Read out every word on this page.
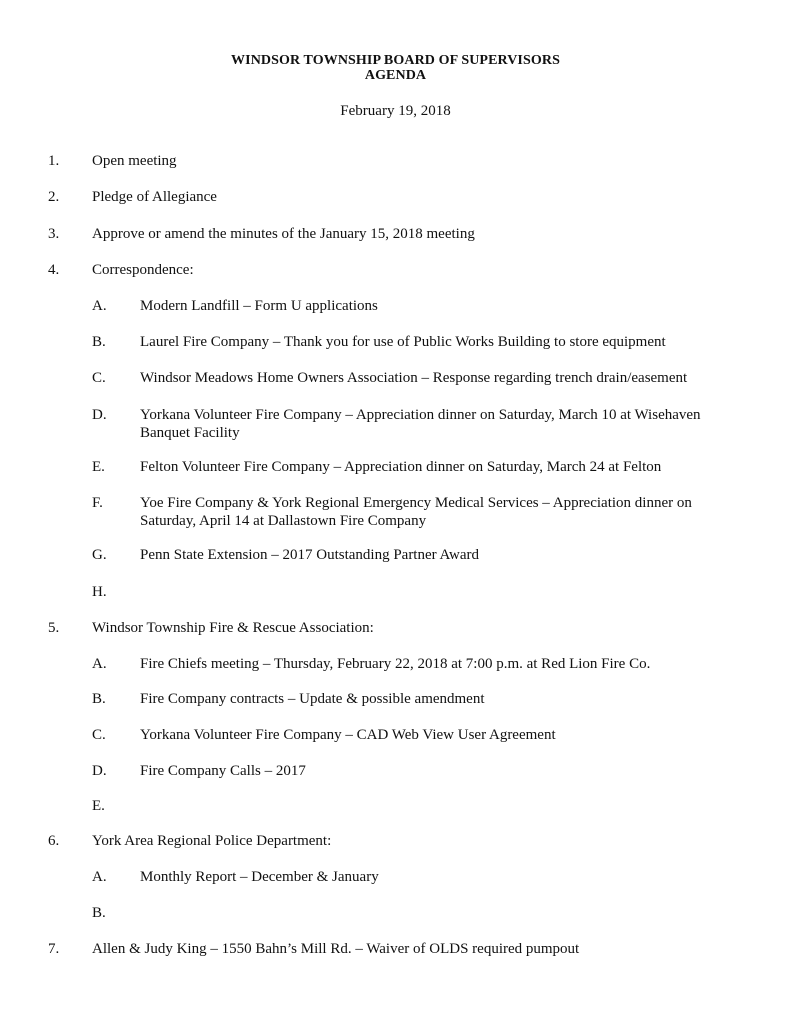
WINDSOR TOWNSHIP BOARD OF SUPERVISORS
AGENDA
February 19, 2018
1. Open meeting
2. Pledge of Allegiance
3. Approve or amend the minutes of the January 15, 2018 meeting
4. Correspondence:
A. Modern Landfill – Form U applications
B. Laurel Fire Company – Thank you for use of Public Works Building to store equipment
C. Windsor Meadows Home Owners Association – Response regarding trench drain/easement
D. Yorkana Volunteer Fire Company – Appreciation dinner on Saturday, March 10 at Wisehaven Banquet Facility
E. Felton Volunteer Fire Company – Appreciation dinner on Saturday, March 24 at Felton
F. Yoe Fire Company & York Regional Emergency Medical Services – Appreciation dinner on Saturday, April 14 at Dallastown Fire Company
G. Penn State Extension – 2017 Outstanding Partner Award
H.
5. Windsor Township Fire & Rescue Association:
A. Fire Chiefs meeting – Thursday, February 22, 2018 at 7:00 p.m. at Red Lion Fire Co.
B. Fire Company contracts – Update & possible amendment
C. Yorkana Volunteer Fire Company – CAD Web View User Agreement
D. Fire Company Calls – 2017
E.
6. York Area Regional Police Department:
A. Monthly Report – December & January
B.
7. Allen & Judy King – 1550 Bahn’s Mill Rd. – Waiver of OLDS required pumpout
